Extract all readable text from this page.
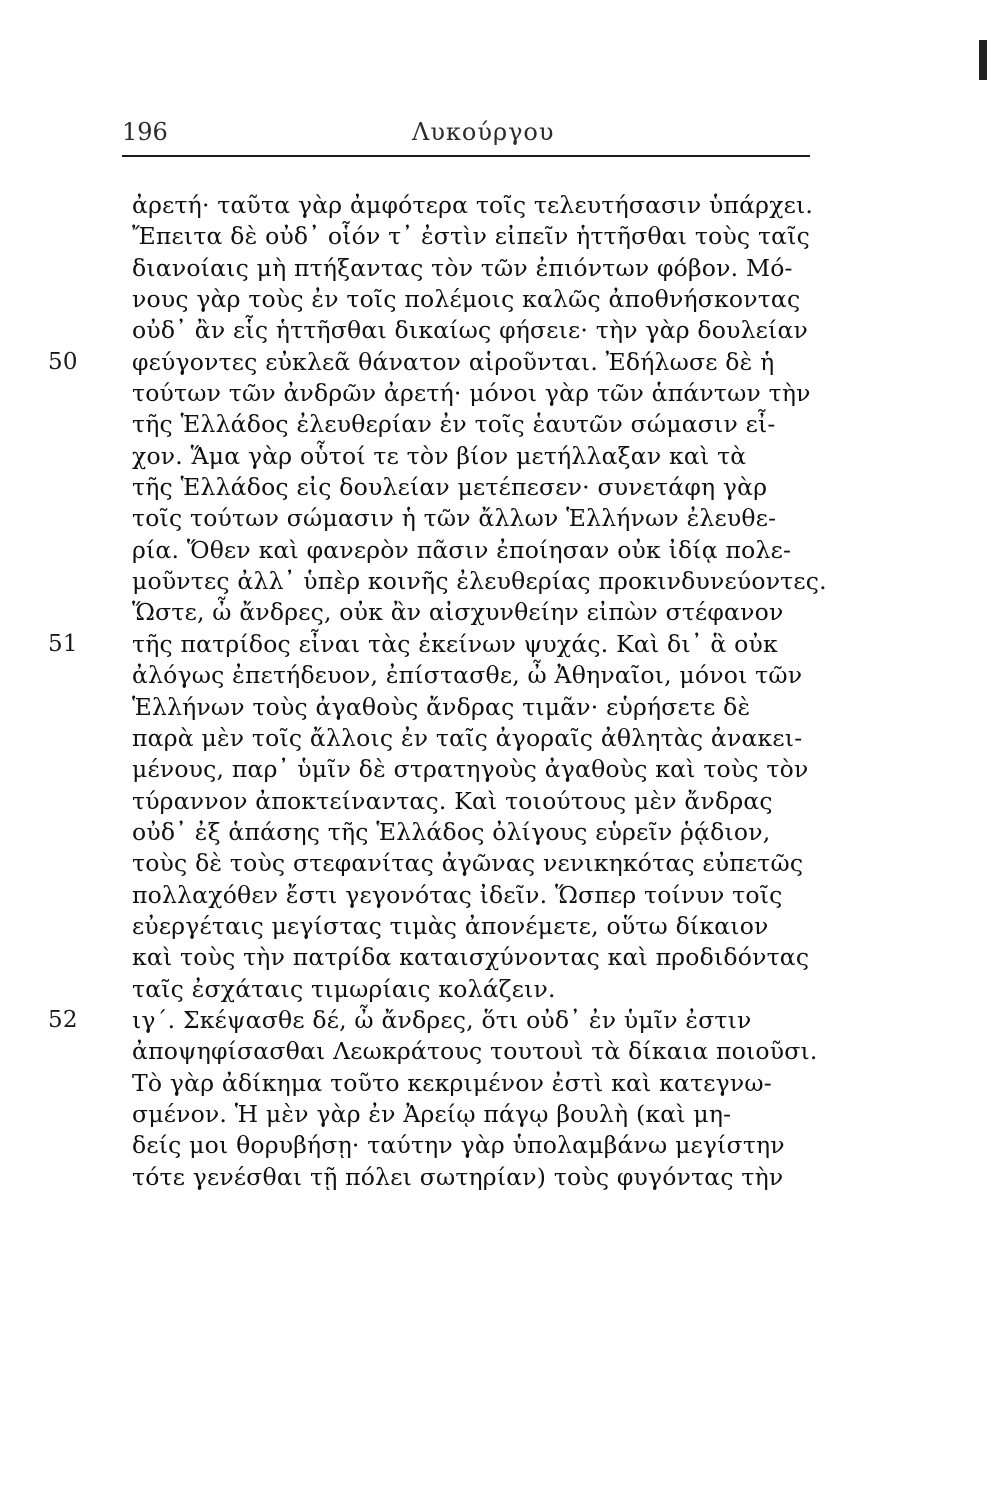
196	Λυκούργου
ἀρετή· ταῦτα γὰρ ἀμφότερα τοῖς τελευτήσασιν ὑπάρχει.
Ἔπειτα δὲ οὐδ᾽ οἷόν τ᾽ ἐστὶν εἰπεῖν ἡττῆσθαι τοὺς ταῖς
διανοίαις μὴ πτήξαντας τὸν τῶν ἐπιόντων φόβον. Μό-
νους γὰρ τοὺς ἐν τοῖς πολέμοις καλῶς ἀποθνήσκοντας
οὐδ᾽ ἂν εἷς ἡττῆσθαι δικαίως φήσειε· τὴν γὰρ δουλείαν
φεύγοντες εὐκλεᾶ θάνατον αἱροῦνται. Ἐδήλωσε δὲ ἡ
50
τούτων τῶν ἀνδρῶν ἀρετή· μόνοι γὰρ τῶν ἁπάντων τὴν
τῆς Ἑλλάδος ἐλευθερίαν ἐν τοῖς ἑαυτῶν σώμασιν εἶ-
χον. Ἅμα γὰρ οὗτοί τε τὸν βίον μετήλλαξαν καὶ τὰ
τῆς Ἑλλάδος εἰς δουλείαν μετέπεσεν· συνετάφη γὰρ
τοῖς τούτων σώμασιν ἡ τῶν ἄλλων Ἑλλήνων ἐλευθε-
ρία. Ὅθεν καὶ φανερὸν πᾶσιν ἐποίησαν οὐκ ἰδίᾳ πολε-
μοῦντες ἀλλ᾽ ὑπὲρ κοινῆς ἐλευθερίας προκινδυνεύοντες.
Ὥστε, ὦ ἄνδρες, οὐκ ἂν αἰσχυνθείην εἰπὼν στέφανον
τῆς πατρίδος εἶναι τὰς ἐκείνων ψυχάς. Καὶ δι᾽ ἃ οὐκ
51
ἀλόγως ἐπετήδευον, ἐπίστασθε, ὦ Ἀθηναῖοι, μόνοι τῶν
Ἑλλήνων τοὺς ἀγαθοὺς ἄνδρας τιμᾶν· εὑρήσετε δὲ
παρὰ μὲν τοῖς ἄλλοις ἐν ταῖς ἀγοραῖς ἀθλητὰς ἀνακει-
μένους, παρ᾽ ὑμῖν δὲ στρατηγοὺς ἀγαθοὺς καὶ τοὺς τὸν
τύραννον ἀποκτείναντας. Καὶ τοιούτους μὲν ἄνδρας
οὐδ᾽ ἐξ ἁπάσης τῆς Ἑλλάδος ὀλίγους εὑρεῖν ῥᾴδιον,
τοὺς δὲ τοὺς στεφανίτας ἀγῶνας νενικηκότας εὐπετῶς
πολλαχόθεν ἔστι γεγονότας ἰδεῖν. Ὥσπερ τοίνυν τοῖς
εὐεργέταις μεγίστας τιμὰς ἀπονέμετε, οὕτω δίκαιον
καὶ τοὺς τὴν πατρίδα καταισχύνοντας καὶ προδιδόντας
ταῖς ἐσχάταις τιμωρίαις κολάζειν.
ιγ΄. Σκέψασθε δέ, ὦ ἄνδρες, ὅτι οὐδ᾽ ἐν ὑμῖν ἐστιν
52
ἀποψηφίσασθαι Λεωκράτους τουτουὶ τὰ δίκαια ποιοῦσι.
Τὸ γὰρ ἀδίκημα τοῦτο κεκριμένον ἐστὶ καὶ κατεγνω-
σμένον. Ἡ μὲν γὰρ ἐν Ἀρείῳ πάγῳ βουλὴ (καὶ μη-
δείς μοι θορυβήσῃ· ταύτην γὰρ ὑπολαμβάνω μεγίστην
τότε γενέσθαι τῇ πόλει σωτηρίαν) τοὺς φυγόντας τὴν
